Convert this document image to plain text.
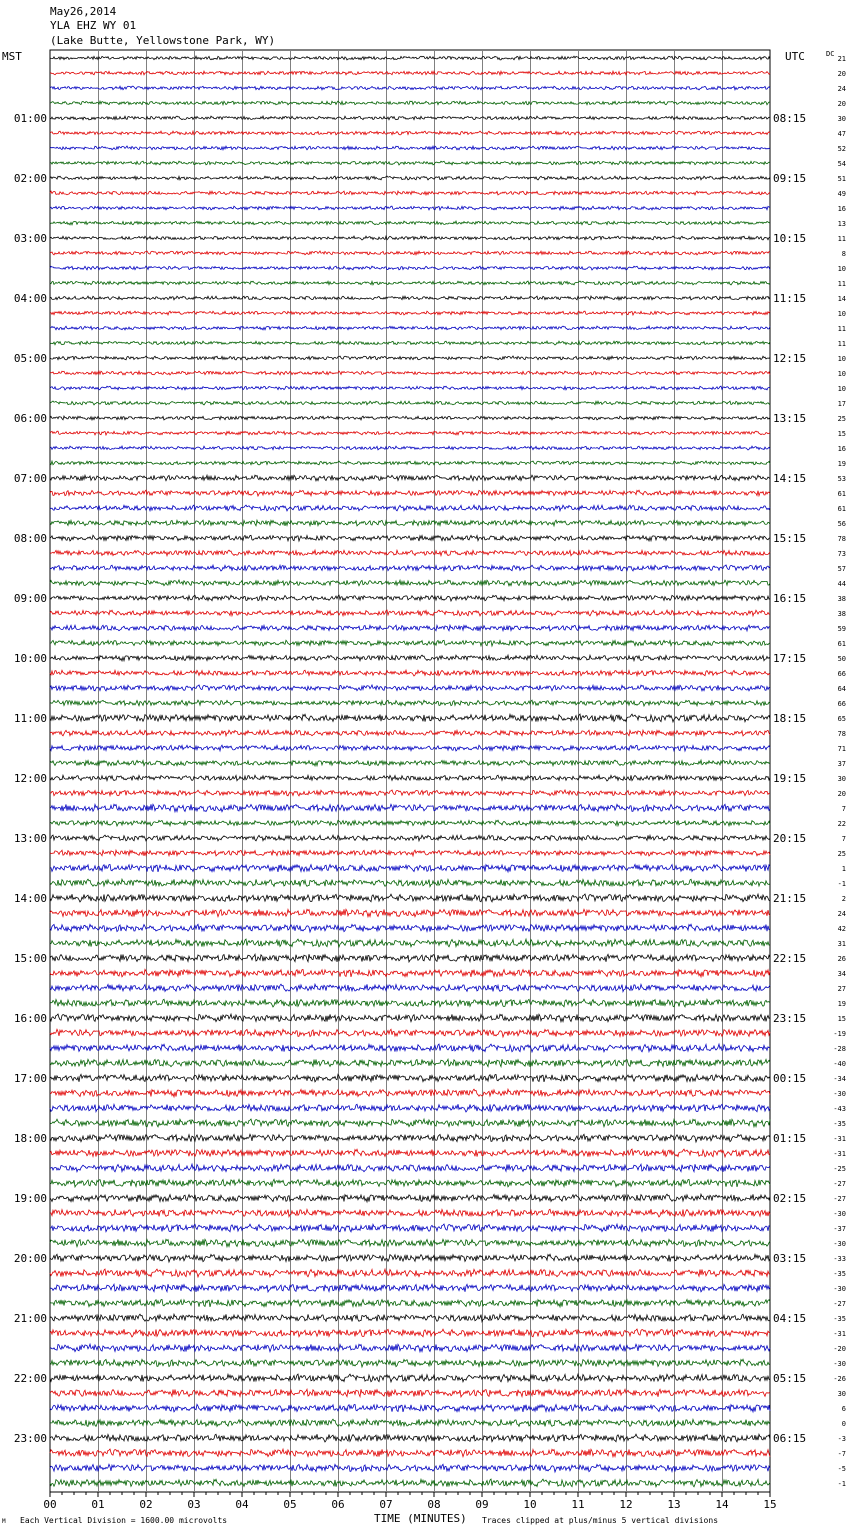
May26,2014
YLA EHZ WY 01
(Lake Butte, Yellowstone Park, WY)
MST	UTC	DC
21
20
24
20
30
47
52
54
51
49
16
13
11
8
10
11
14
10
11
11
10
10
10
17
25
15
16
19
53
61
61
56
78
73
57
44
38
38
59
61
50
66
64
66
65
78
71
37
30
20
7
22
7
25
1
-1
2
24
42
31
26
34
27
19
15
-19
-28
-40
-34
-30
-43
-35
-31
-31
-25
-27
-27
-30
-37
-30
-33
-35
-30
-27
-35
-31
-20
-30
-26
30
6
0
-3
-7
-5
-1
01:00	08:15
02:00	09:15
03:00	10:15
04:00	11:15
05:00	12:15
06:00	13:15
07:00	14:15
08:00	15:15
09:00	16:15
10:00	17:15
11:00	18:15
12:00	19:15
13:00	20:15
14:00	21:15
15:00	22:15
16:00	23:15
17:00	00:15
18:00	01:15
19:00	02:15
20:00	03:15
21:00	04:15
22:00	05:15
23:00	06:15
00	01	02	03	04	05	06	07	08	09	10	11	12	13	14	15
M Each Vertical Division = 1600.00 microvolts	TIME (MINUTES) Traces clipped at plus/minus 5 vertical divisions
